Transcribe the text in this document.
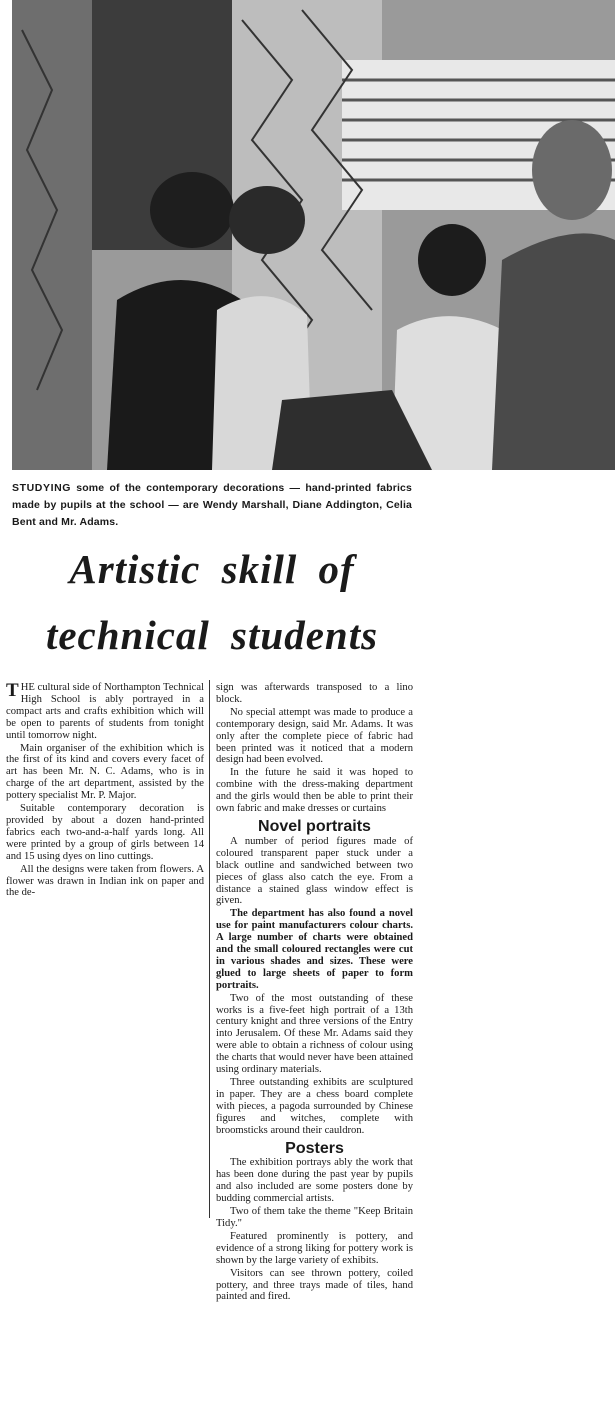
STUDYING some of the contemporary decorations — hand-printed fabrics made by pupils at the school — are Wendy Marshall, Diane Addington, Celia Bent and Mr. Adams.
Artistic skill of
technical students

THE cultural side of Northampton Technical High School is ably portrayed in a compact arts and crafts exhibition which will be open to parents of students from tonight until tomorrow night.

Main organiser of the exhibition which is the first of its kind and covers every facet of art has been Mr. N. C. Adams, who is in charge of the art department, assisted by the pottery specialist Mr. P. Major.

Suitable contemporary decoration is provided by about a dozen hand-printed fabrics each two-and-a-half yards long. All were printed by a group of girls between 14 and 15 using dyes on lino cuttings.

All the designs were taken from flowers. A flower was drawn in Indian ink on paper and the de-

sign was afterwards transposed to a lino block.

No special attempt was made to produce a contemporary design, said Mr. Adams. It was only after the complete piece of fabric had been printed was it noticed that a modern design had been evolved.

In the future he said it was hoped to combine with the dress-making department and the girls would then be able to print their own fabric and make dresses or curtains

Novel portraits

A number of period figures made of coloured transparent paper stuck under a black outline and sandwiched between two pieces of glass also catch the eye. From a distance a stained glass window effect is given.

The department has also found a novel use for paint manufacturers colour charts. A large number of charts were obtained and the small coloured rectangles were cut in various shades and sizes. These were glued to large sheets of paper to form portraits.

Two of the most outstanding of these works is a five-feet high portrait of a 13th century knight and three versions of the Entry into Jerusalem. Of these Mr. Adams said they were able to obtain a richness of colour using the charts that would never have been attained using ordinary materials.

Three outstanding exhibits are sculptured in paper. They are a chess board complete with pieces, a pagoda surrounded by Chinese figures and witches, complete with broomsticks around their cauldron.

Posters

The exhibition portrays ably the work that has been done during the past year by pupils and also included are some posters done by budding commercial artists.

Two of them take the theme "Keep Britain Tidy."

Featured prominently is pottery, and evidence of a strong liking for pottery work is shown by the large variety of exhibits.

Visitors can see thrown pottery, coiled pottery, and three trays made of tiles, hand painted and fired.
